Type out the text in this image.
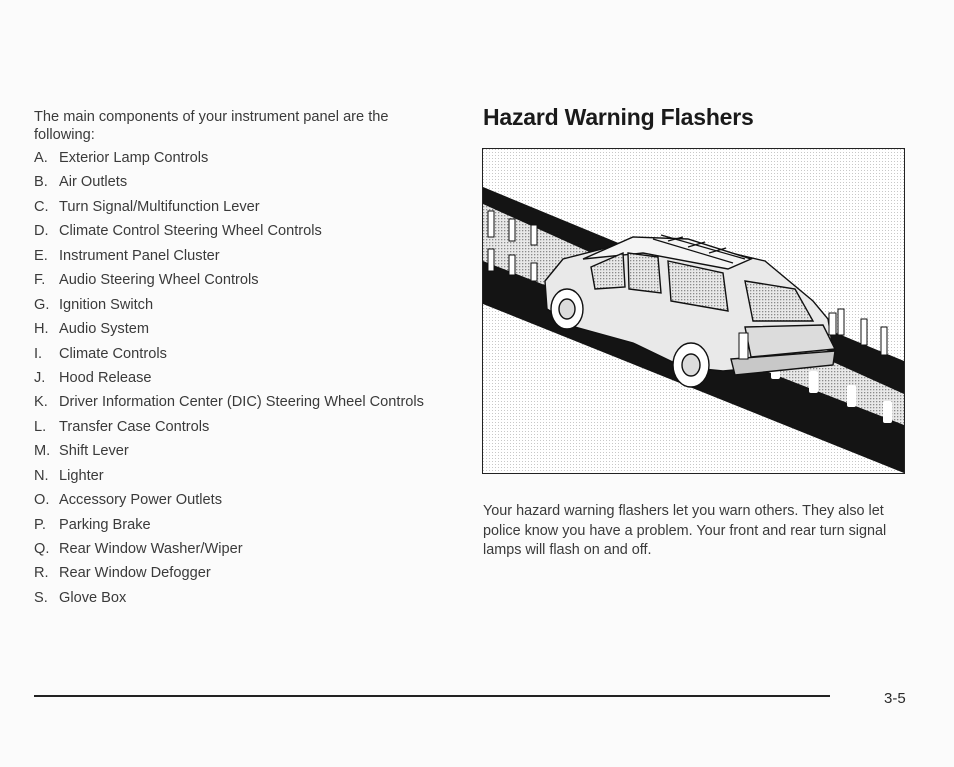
The main components of your instrument panel are the following:

A. Exterior Lamp Controls
B. Air Outlets
C. Turn Signal/Multifunction Lever
D. Climate Control Steering Wheel Controls
E. Instrument Panel Cluster
F. Audio Steering Wheel Controls
G. Ignition Switch
H. Audio System
I.	Climate Controls
J. Hood Release
K. Driver Information Center (DIC) Steering Wheel Controls
L. Transfer Case Controls
M. Shift Lever
N. Lighter
O. Accessory Power Outlets
P. Parking Brake
Q. Rear Window Washer/Wiper
R. Rear Window Defogger
S. Glove Box
Hazard Warning Flashers

Your hazard warning flashers let you warn others. They also let police know you have a problem. Your front and rear turn signal lamps will flash on and off.

3-5
